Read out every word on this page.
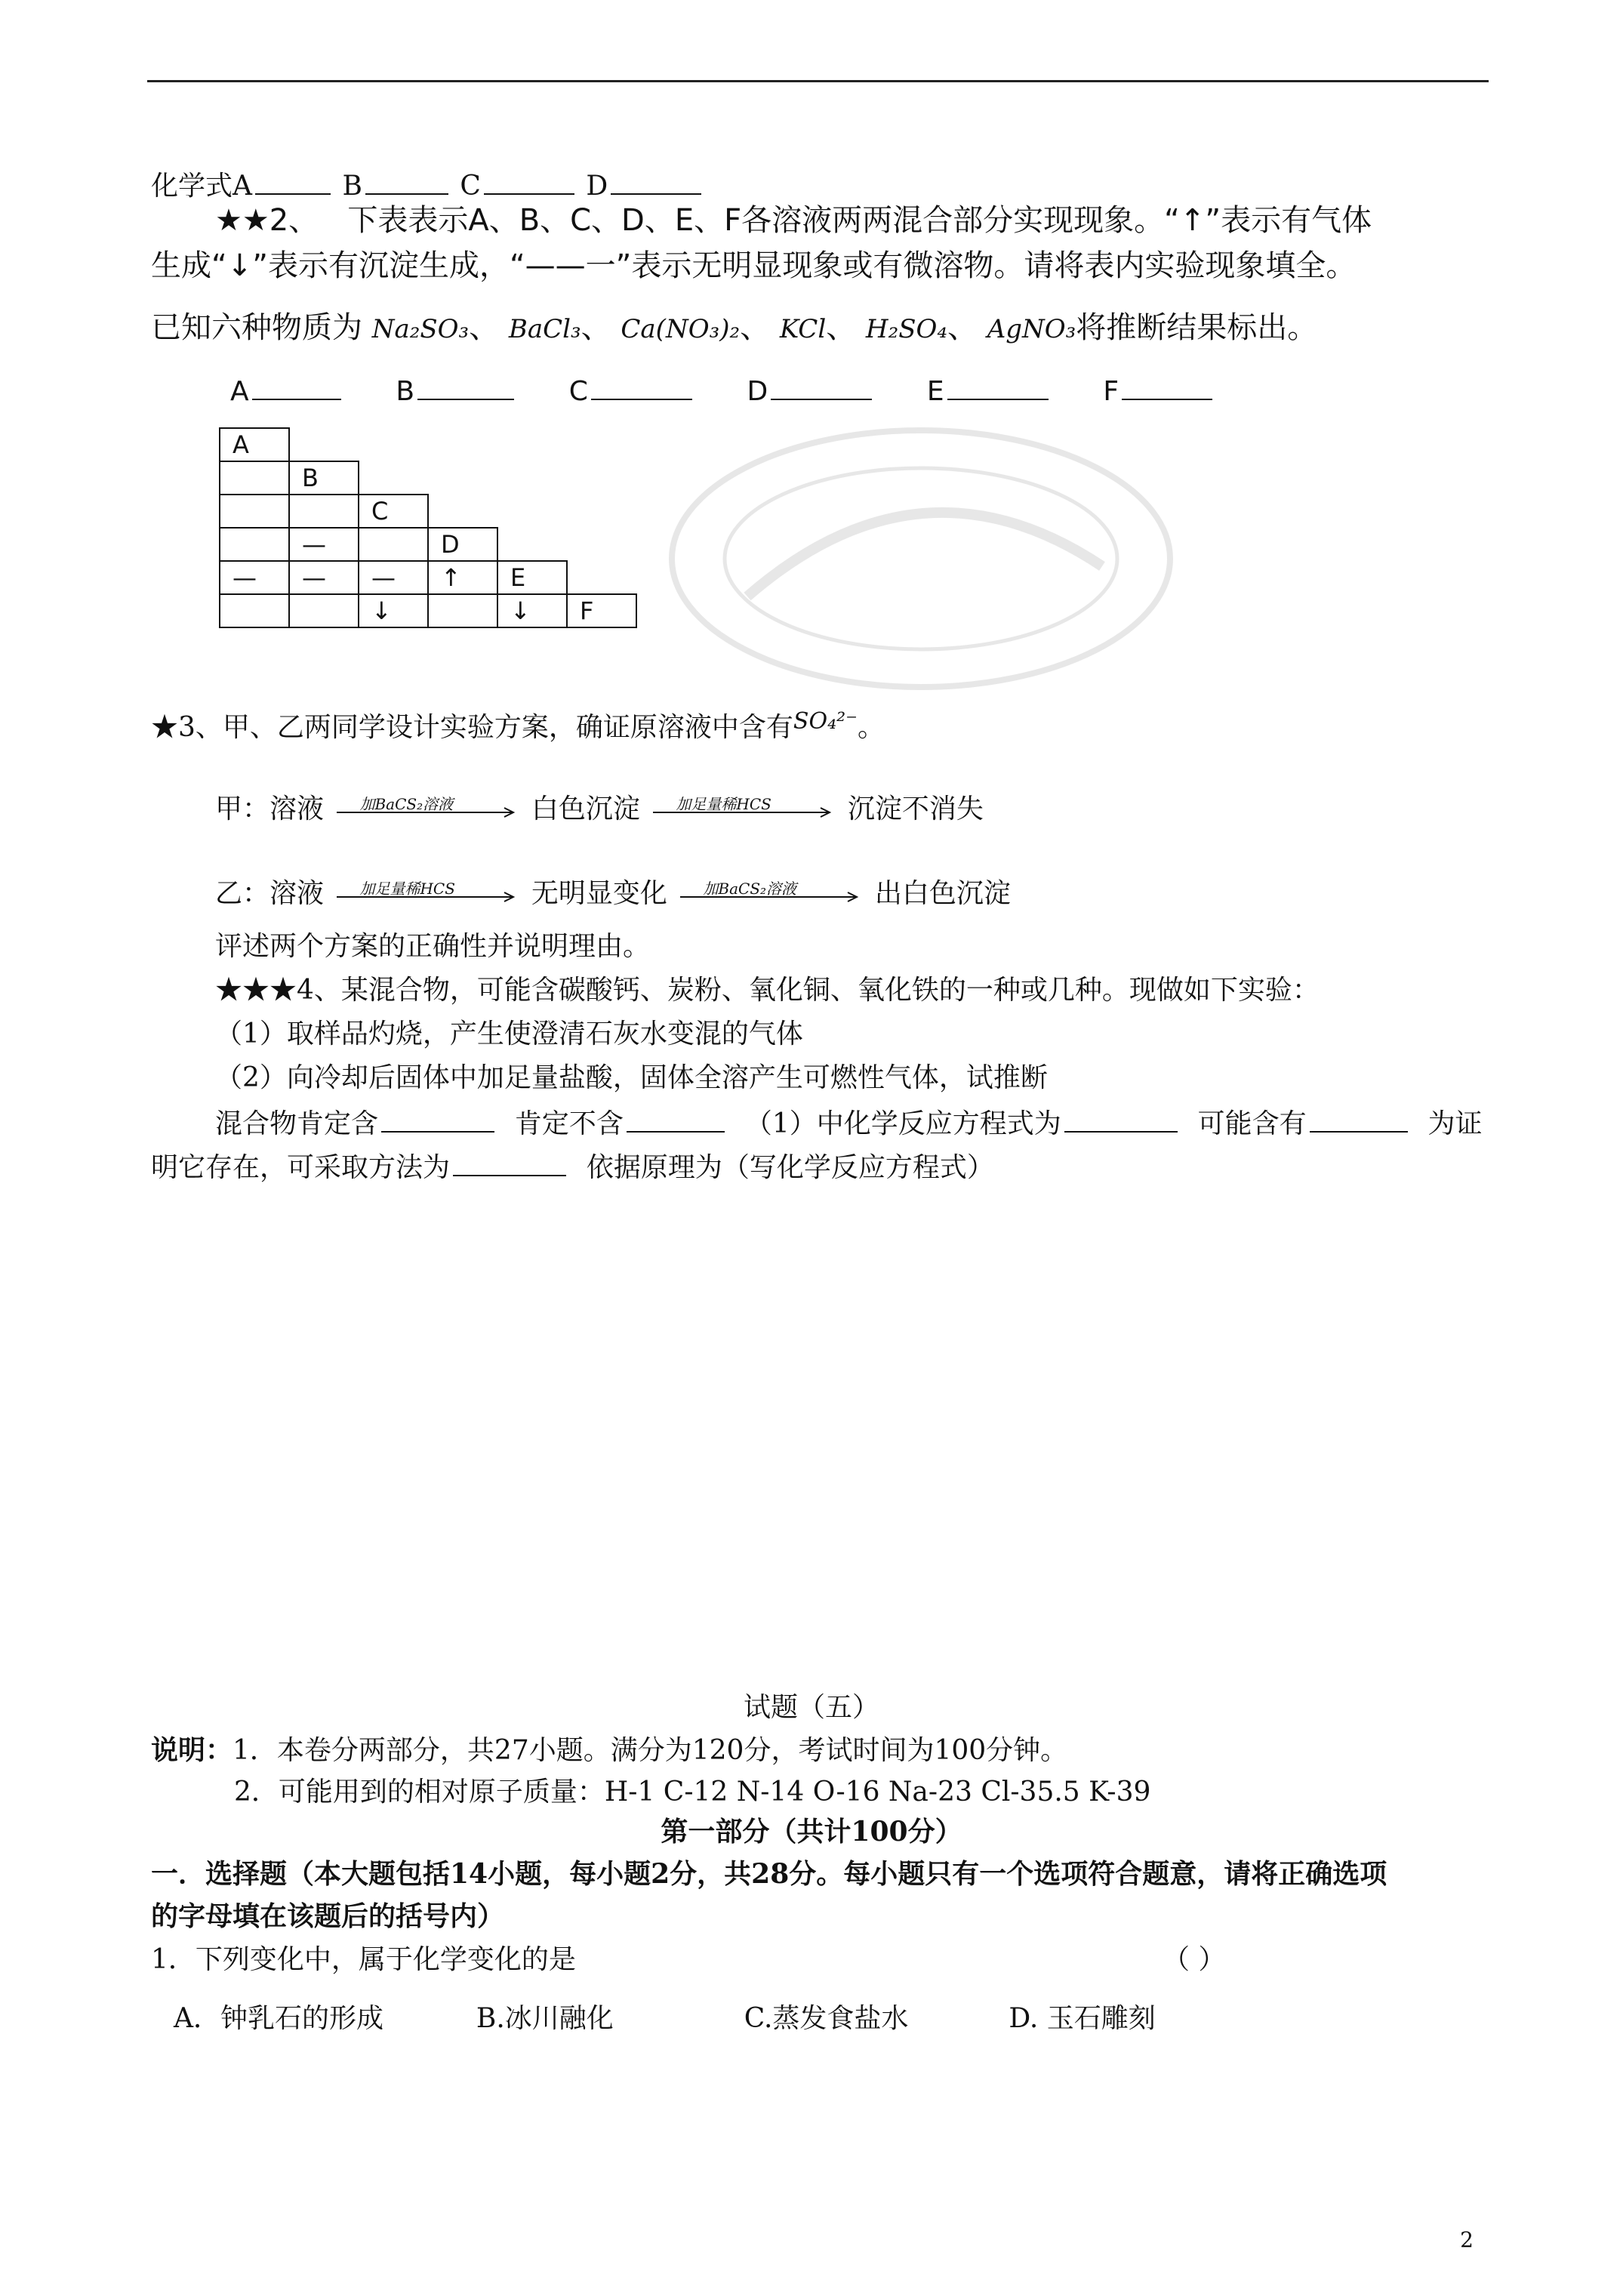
化学式A	B	C	D
★★2、 下表表示A、B、C、D、E、F各溶液两两混合部分实现现象。“↑”表示有气体
生成“↓”表示有沉淀生成，“——一”表示无明显现象或有微溶物。请将表内实验现象填全。
已知六种物质为 Na₂SO₃、 BaCl₃、 Ca(NO₃)₂、 KCl、 H₂SO₄、 AgNO₃将推断结果标出。
A	B	C	D	E	F
A					
	B				
		C			
	—		D		
—	—	—	↑	E	
		↓		↓	F
★3、甲、乙两同学设计实验方案，确证原溶液中含有$^{SO_4^{2-}}$。
甲：溶液 加BaCS₂溶液	白色沉淀 加足量稀HCS	沉淀不消失
乙：溶液 加足量稀HCS	无明显变化 加BaCS₂溶液	出白色沉淀
评述两个方案的正确性并说明理由。
★★★4、某混合物，可能含碳酸钙、炭粉、氧化铜、氧化铁的一种或几种。现做如下实验：
（1）取样品灼烧，产生使澄清石灰水变混的气体
（2）向冷却后固体中加足量盐酸，固体全溶产生可燃性气体，试推断
混合物肯定含	肯定不含	（1）中化学反应方程式为	可能含有	为证
明它存在，可采取方法为	依据原理为（写化学反应方程式）
试题（五）
说明：1．本卷分两部分，共27小题。满分为120分，考试时间为100分钟。
2．可能用到的相对原子质量：H-1 C-12 N-14 O-16 Na-23 Cl-35.5 K-39
第一部分（共计100分）
一．选择题（本大题包括14小题，每小题2分，共28分。每小题只有一个选项符合题意，请将正确选项
的字母填在该题后的括号内）
1．下列变化中，属于化学变化的是	（ ）
A．钟乳石的形成	B.冰川融化	C.蒸发食盐水	D. 玉石雕刻
2
